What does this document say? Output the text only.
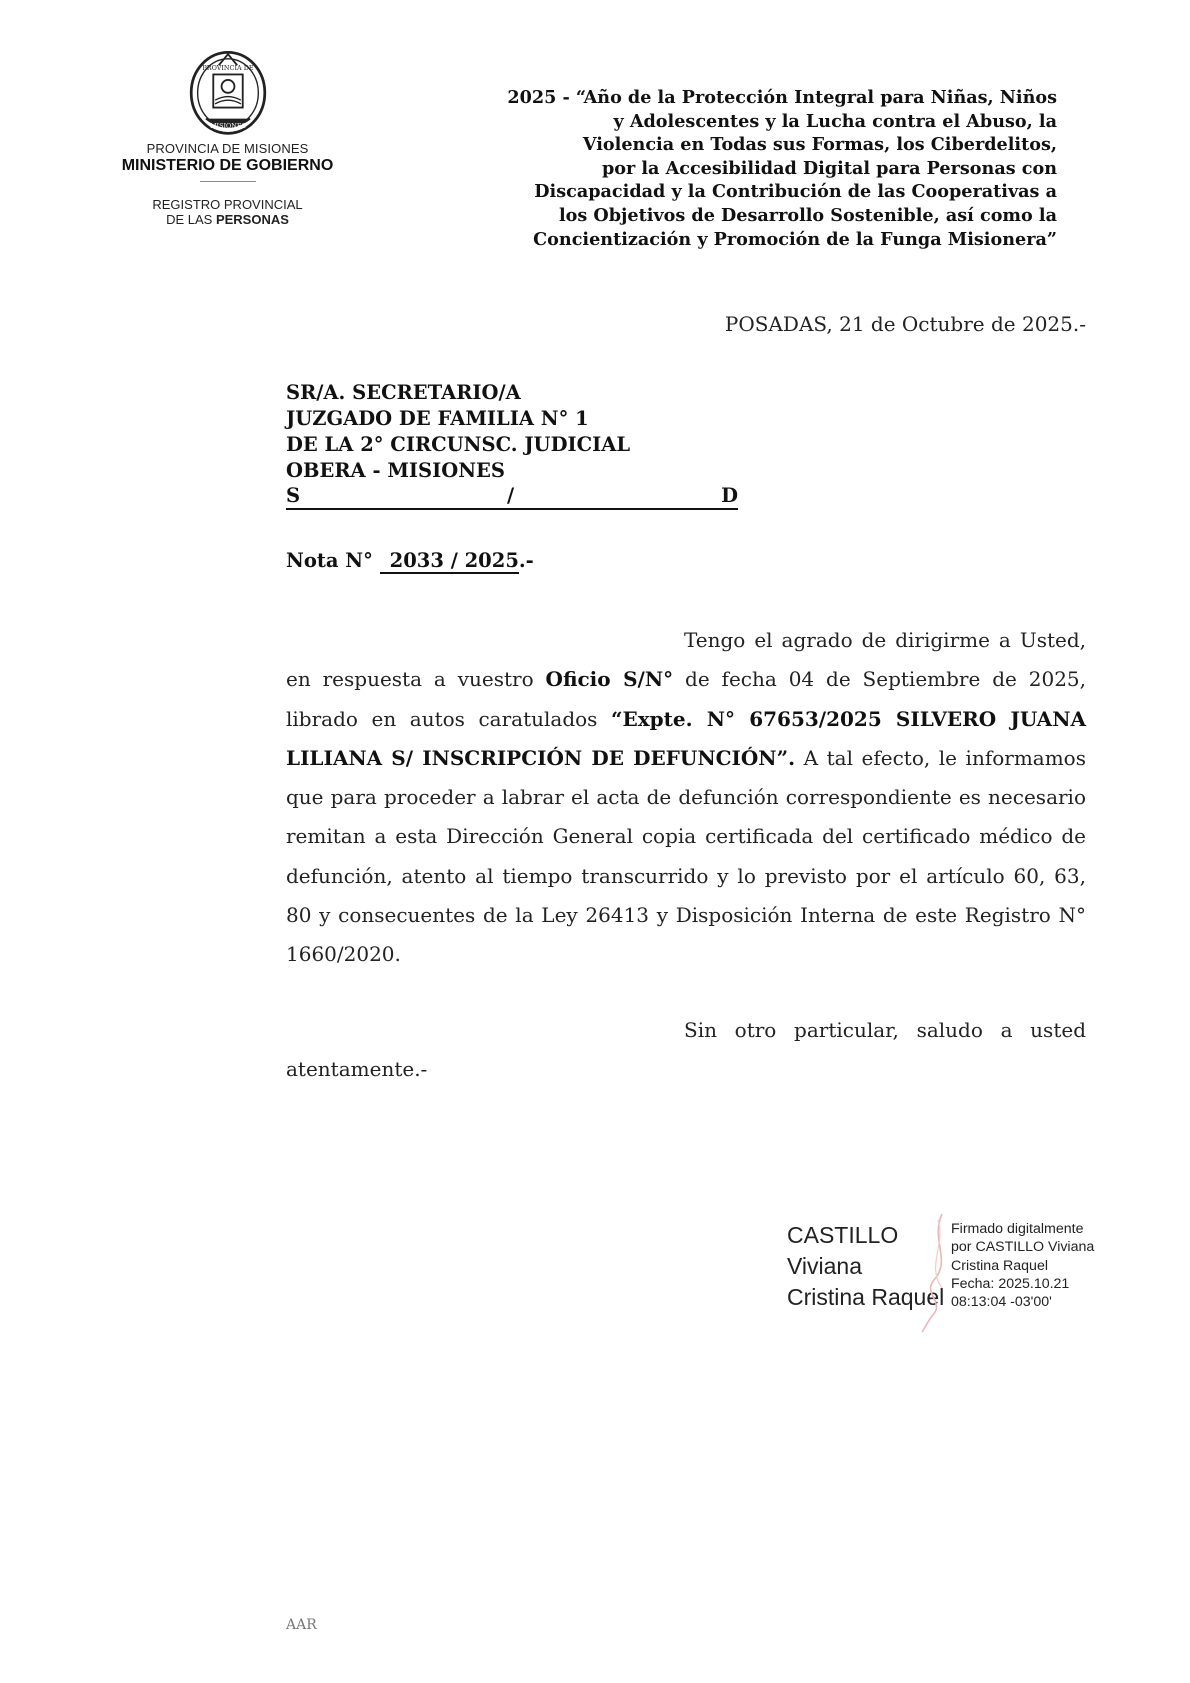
PROVINCIA DE
MISIONES
PROVINCIA DE MISIONES
MINISTERIO DE GOBIERNO
REGISTRO PROVINCIAL
DE LAS PERSONAS
2025 - “Año de la Protección Integral para Niñas, Niños
y Adolescentes y la Lucha contra el Abuso, la
Violencia en Todas sus Formas, los Ciberdelitos,
por la Accesibilidad Digital para Personas con
Discapacidad y la Contribución de las Cooperativas a
los Objetivos de Desarrollo Sostenible, así como la
Concientización y Promoción de la Funga Misionera”
POSADAS, 21 de Octubre de 2025.-
SR/A. SECRETARIO/A
JUZGADO DE FAMILIA N° 1
DE LA 2° CIRCUNSC. JUDICIAL
OBERA - MISIONES
S	/	D
Nota N° 2033 / 2025.-
Tengo el agrado de dirigirme a Usted, en respuesta a vuestro Oficio S/N° de fecha 04 de Septiembre de 2025, librado en autos caratulados “Expte. N° 67653/2025 SILVERO JUANA LILIANA S/ INSCRIPCIÓN DE DEFUNCIÓN”. A tal efecto, le informamos que para proceder a labrar el acta de defunción correspondiente es necesario remitan a esta Dirección General copia certificada del certificado médico de defunción, atento al tiempo transcurrido y lo previsto por el artículo 60, 63, 80 y consecuentes de la Ley 26413 y Disposición Interna de este Registro N° 1660/2020.
Sin otro particular, saludo a usted atentamente.-
CASTILLO
Viviana
Cristina Raquel
Firmado digitalmente
por CASTILLO Viviana
Cristina Raquel
Fecha: 2025.10.21
08:13:04 -03'00'
AAR
